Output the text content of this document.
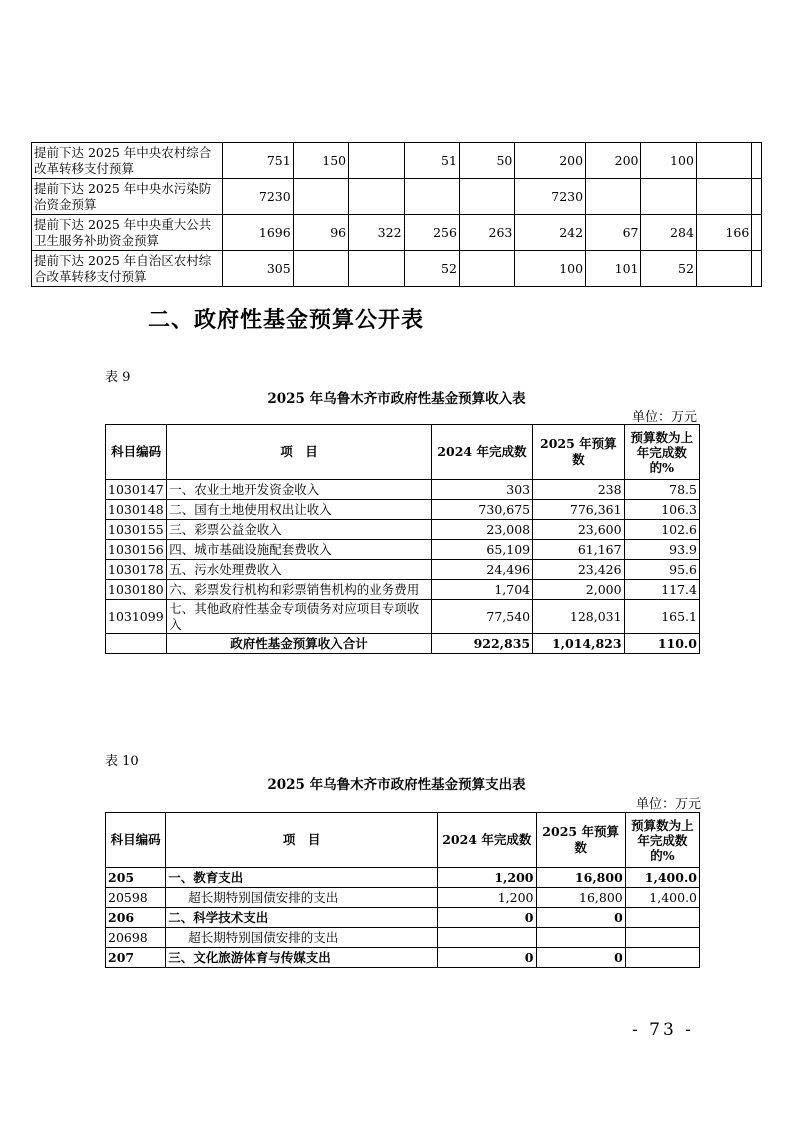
提前下达 2025 年中央农村综合改革转移支付预算	751	150		51	50	200	200	100		
提前下达 2025 年中央水污染防治资金预算	7230					7230				
提前下达 2025 年中央重大公共卫生服务补助资金预算	1696	96	322	256	263	242	67	284	166	
提前下达 2025 年自治区农村综合改革转移支付预算	305			52		100	101	52		
二、政府性基金预算公开表
表 9
2025 年乌鲁木齐市政府性基金预算收入表
单位：万元
科目编码	项　目	2024 年完成数	2025 年预算数	预算数为上年完成数的%
1030147	一、农业土地开发资金收入	303	238	78.5
1030148	二、国有土地使用权出让收入	730,675	776,361	106.3
1030155	三、彩票公益金收入	23,008	23,600	102.6
1030156	四、城市基础设施配套费收入	65,109	61,167	93.9
1030178	五、污水处理费收入	24,496	23,426	95.6
1030180	六、彩票发行机构和彩票销售机构的业务费用	1,704	2,000	117.4
1031099	七、其他政府性基金专项债务对应项目专项收入	77,540	128,031	165.1
	政府性基金预算收入合计	922,835	1,014,823	110.0
表 10
2025 年乌鲁木齐市政府性基金预算支出表
单位：万元
科目编码	项　目	2024 年完成数	2025 年预算数	预算数为上年完成数的%
205	一、教育支出	1,200	16,800	1,400.0
20598	超长期特别国债安排的支出	1,200	16,800	1,400.0
206	二、科学技术支出	0	0	
20698	超长期特别国债安排的支出			
207	三、文化旅游体育与传媒支出	0	0	
- 73 -
